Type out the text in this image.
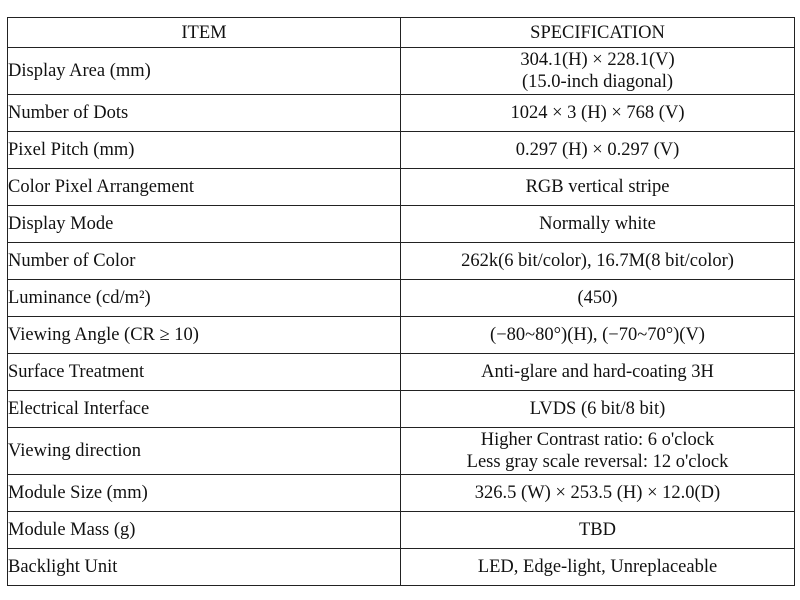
ITEM	SPECIFICATION
Display Area (mm)	304.1(H) × 228.1(V)
(15.0-inch diagonal)

Number of Dots	1024 × 3 (H) × 768 (V)
Pixel Pitch (mm)	0.297 (H) × 0.297 (V)
Color Pixel Arrangement	RGB vertical stripe
Display Mode	Normally white
Number of Color	262k(6 bit/color), 16.7M(8 bit/color)
Luminance (cd/m²)	(450)
Viewing Angle (CR ≥ 10)	(−80~80°)(H), (−70~70°)(V)
Surface Treatment	Anti-glare and hard-coating 3H
Electrical Interface	LVDS (6 bit/8 bit)
Viewing direction	Higher Contrast ratio: 6 o'clock
Less gray scale reversal: 12 o'clock

Module Size (mm)	326.5 (W) × 253.5 (H) × 12.0(D)
Module Mass (g)	TBD
Backlight Unit	LED, Edge-light, Unreplaceable
